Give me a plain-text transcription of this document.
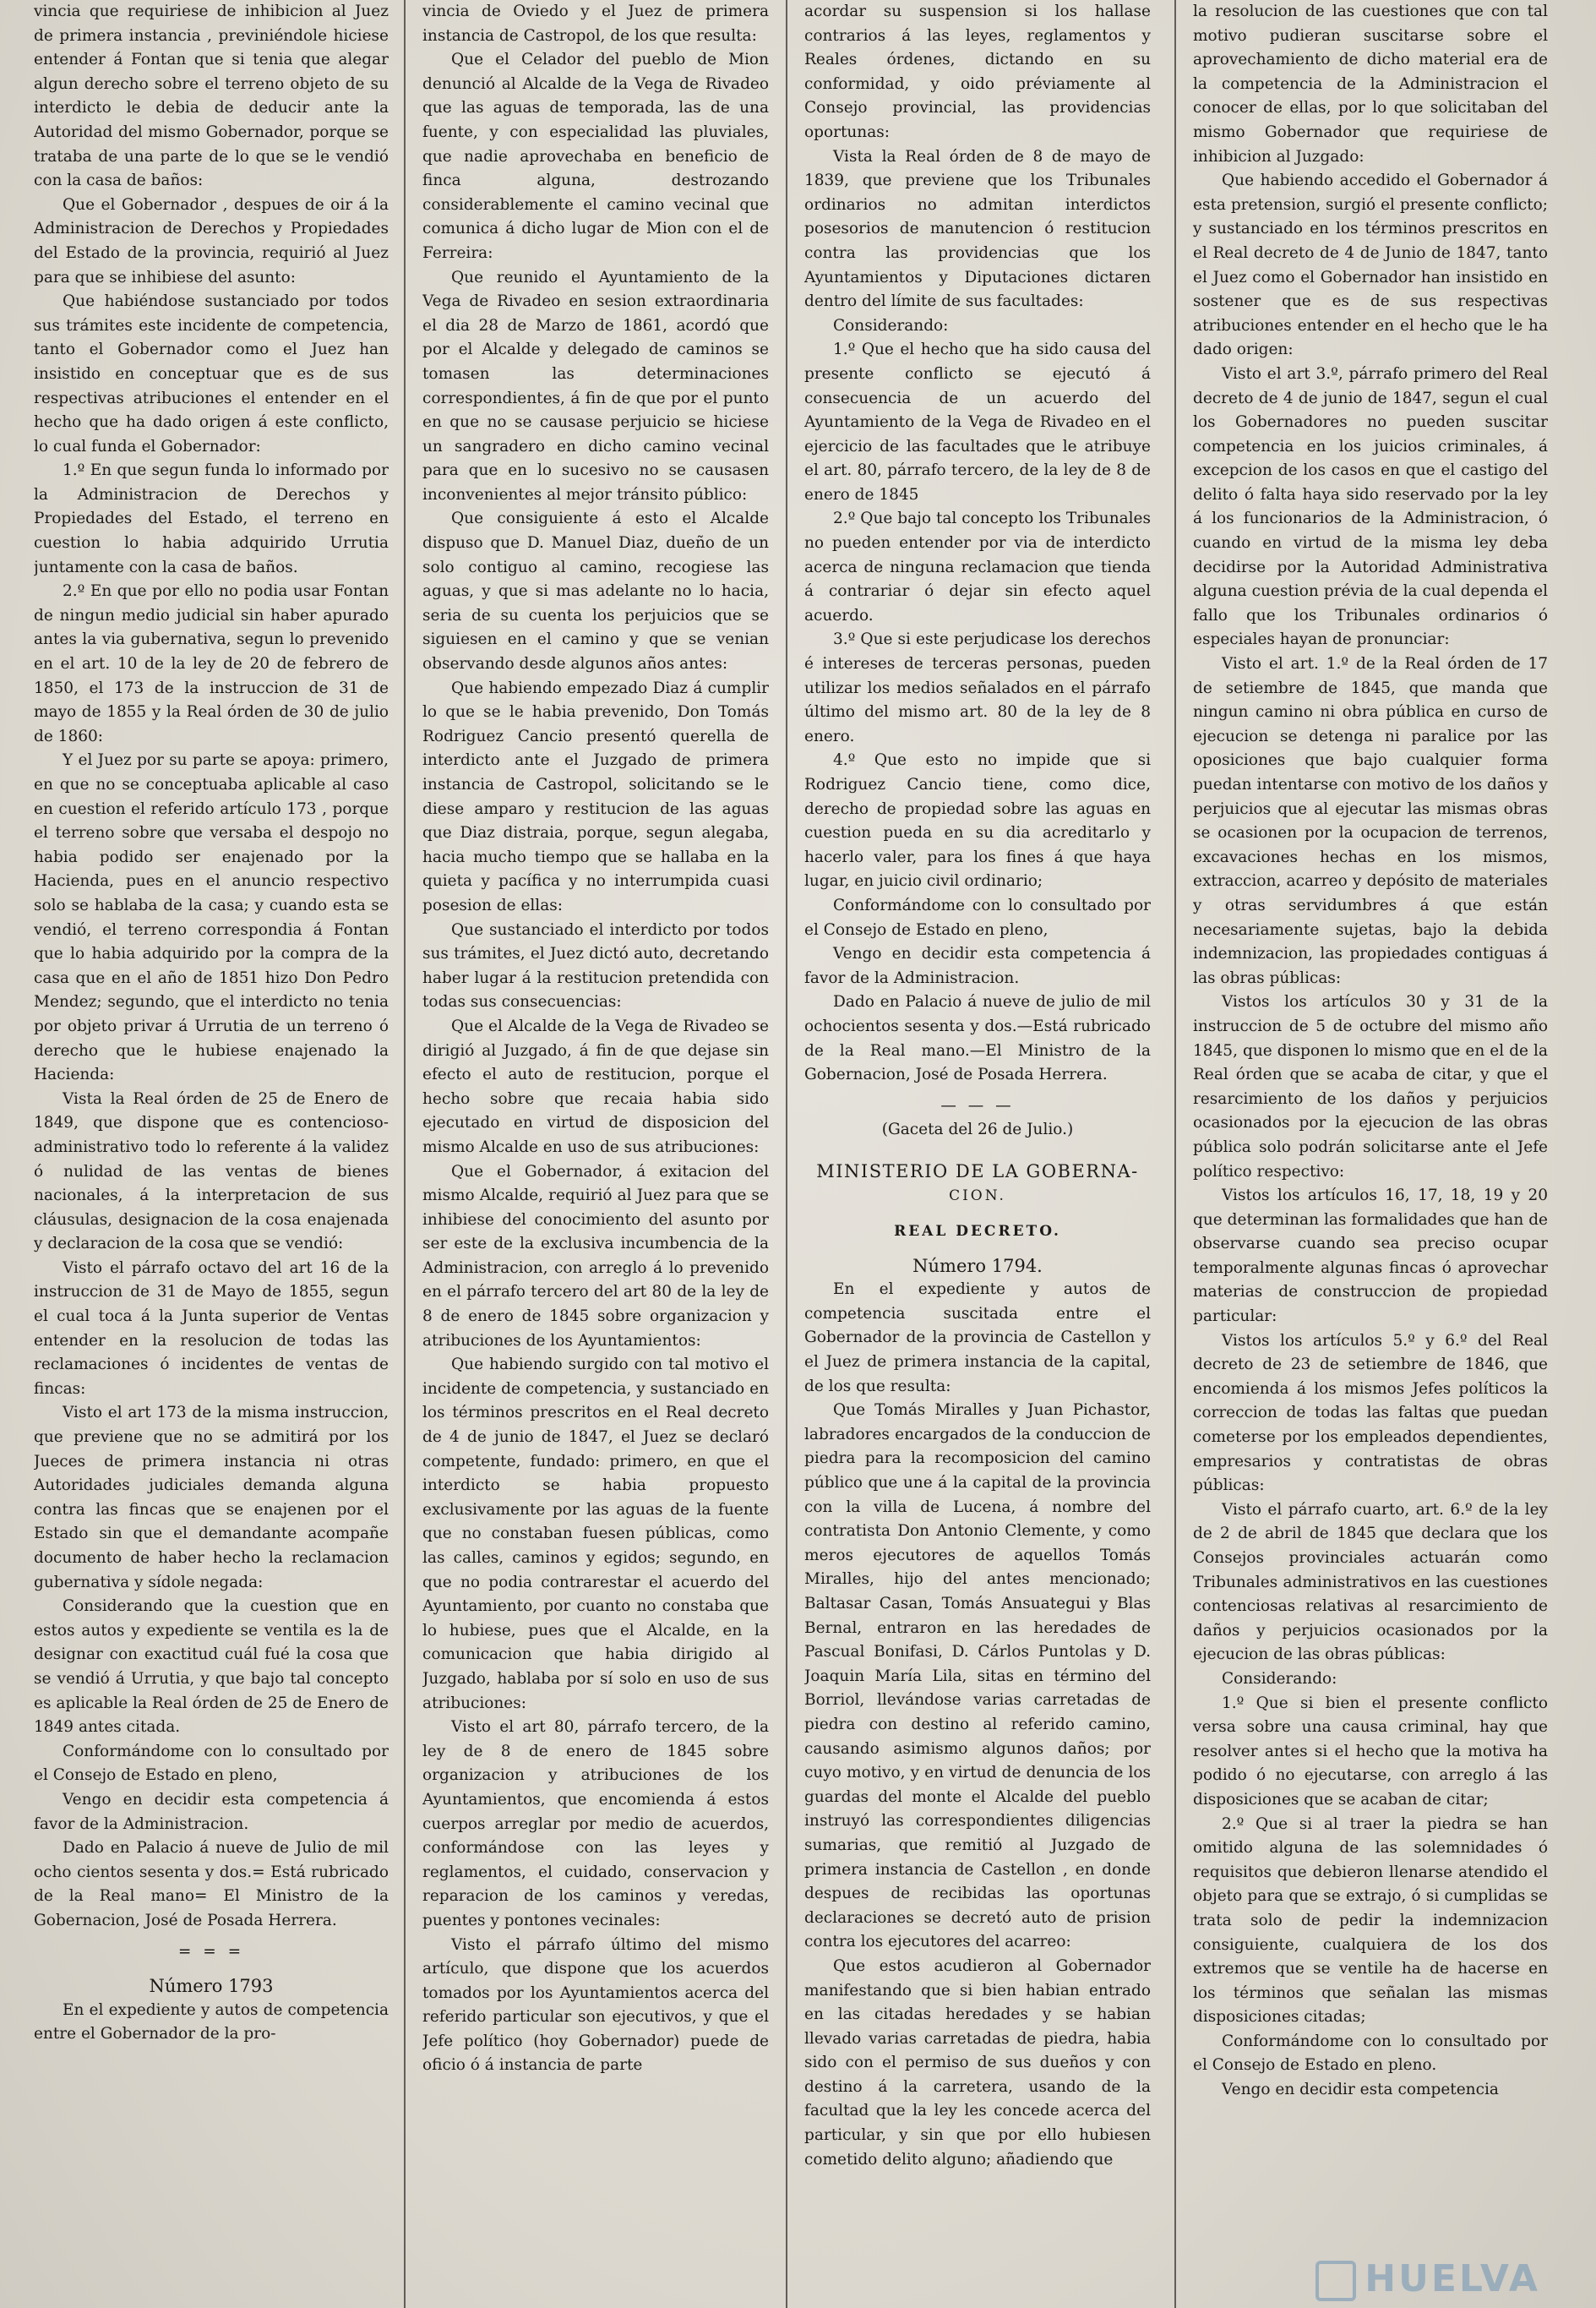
vincia que requiriese de inhibicion al Juez de primera instancia , previniéndole hiciese entender á Fontan que si tenia que alegar algun derecho sobre el terreno objeto de su interdicto le debia de deducir ante la Autoridad del mismo Gobernador, porque se trataba de una parte de lo que se le vendió con la casa de baños:

Que el Gobernador , despues de oir á la Administracion de Derechos y Propiedades del Estado de la provincia, requirió al Juez para que se inhibiese del asunto:

Que habiéndose sustanciado por todos sus trámites este incidente de competencia, tanto el Gobernador como el Juez han insistido en conceptuar que es de sus respectivas atribuciones el entender en el hecho que ha dado origen á este conflicto, lo cual funda el Gobernador:

1.º En que segun funda lo informado por la Administracion de Derechos y Propiedades del Estado, el terreno en cuestion lo habia adquirido Urrutia juntamente con la casa de baños.

2.º En que por ello no podia usar Fontan de ningun medio judicial sin haber apurado antes la via gubernativa, segun lo prevenido en el art. 10 de la ley de 20 de febrero de 1850, el 173 de la instruccion de 31 de mayo de 1855 y la Real órden de 30 de julio de 1860:

Y el Juez por su parte se apoya: primero, en que no se conceptuaba aplicable al caso en cuestion el referido artículo 173 , porque el terreno sobre que versaba el despojo no habia podido ser enajenado por la Hacienda, pues en el anuncio respectivo solo se hablaba de la casa; y cuando esta se vendió, el terreno correspondia á Fontan que lo habia adquirido por la compra de la casa que en el año de 1851 hizo Don Pedro Mendez; segundo, que el interdicto no tenia por objeto privar á Urrutia de un terreno ó derecho que le hubiese enajenado la Hacienda:

Vista la Real órden de 25 de Enero de 1849, que dispone que es contencioso-administrativo todo lo referente á la validez ó nulidad de las ventas de bienes nacionales, á la interpretacion de sus cláusulas, designacion de la cosa enajenada y declaracion de la cosa que se vendió:

Visto el párrafo octavo del art 16 de la instruccion de 31 de Mayo de 1855, segun el cual toca á la Junta superior de Ventas entender en la resolucion de todas las reclamaciones ó incidentes de ventas de fincas:

Visto el art 173 de la misma instruccion, que previene que no se admitirá por los Jueces de primera instancia ni otras Autoridades judiciales demanda alguna contra las fincas que se enajenen por el Estado sin que el demandante acompañe documento de haber hecho la reclamacion gubernativa y sídole negada:

Considerando que la cuestion que en estos autos y expediente se ventila es la de designar con exactitud cuál fué la cosa que se vendió á Urrutia, y que bajo tal concepto es aplicable la Real órden de 25 de Enero de 1849 antes citada.

Conformándome con lo consultado por el Consejo de Estado en pleno,

Vengo en decidir esta competencia á favor de la Administracion.

Dado en Palacio á nueve de Julio de mil ocho cientos sesenta y dos.= Está rubricado de la Real mano= El Ministro de la Gobernacion, José de Posada Herrera.

= = =

Número 1793

En el expediente y autos de competencia entre el Gobernador de la pro-

vincia de Oviedo y el Juez de primera instancia de Castropol, de los que resulta:

Que el Celador del pueblo de Mion denunció al Alcalde de la Vega de Rivadeo que las aguas de temporada, las de una fuente, y con especialidad las pluviales, que nadie aprovechaba en beneficio de finca alguna, destrozando considerablemente el camino vecinal que comunica á dicho lugar de Mion con el de Ferreira:

Que reunido el Ayuntamiento de la Vega de Rivadeo en sesion extraordinaria el dia 28 de Marzo de 1861, acordó que por el Alcalde y delegado de caminos se tomasen las determinaciones correspondientes, á fin de que por el punto en que no se causase perjuicio se hiciese un sangradero en dicho camino vecinal para que en lo sucesivo no se causasen inconvenientes al mejor tránsito público:

Que consiguiente á esto el Alcalde dispuso que D. Manuel Diaz, dueño de un solo contiguo al camino, recogiese las aguas, y que si mas adelante no lo hacia, seria de su cuenta los perjuicios que se siguiesen en el camino y que se venian observando desde algunos años antes:

Que habiendo empezado Diaz á cumplir lo que se le habia prevenido, Don Tomás Rodriguez Cancio presentó querella de interdicto ante el Juzgado de primera instancia de Castropol, solicitando se le diese amparo y restitucion de las aguas que Diaz distraia, porque, segun alegaba, hacia mucho tiempo que se hallaba en la quieta y pacífica y no interrumpida cuasi posesion de ellas:

Que sustanciado el interdicto por todos sus trámites, el Juez dictó auto, decretando haber lugar á la restitucion pretendida con todas sus consecuencias:

Que el Alcalde de la Vega de Rivadeo se dirigió al Juzgado, á fin de que dejase sin efecto el auto de restitucion, porque el hecho sobre que recaia habia sido ejecutado en virtud de disposicion del mismo Alcalde en uso de sus atribuciones:

Que el Gobernador, á exitacion del mismo Alcalde, requirió al Juez para que se inhibiese del conocimiento del asunto por ser este de la exclusiva incumbencia de la Administracion, con arreglo á lo prevenido en el párrafo tercero del art 80 de la ley de 8 de enero de 1845 sobre organizacion y atribuciones de los Ayuntamientos:

Que habiendo surgido con tal motivo el incidente de competencia, y sustanciado en los términos prescritos en el Real decreto de 4 de junio de 1847, el Juez se declaró competente, fundado: primero, en que el interdicto se habia propuesto exclusivamente por las aguas de la fuente que no constaban fuesen públicas, como las calles, caminos y egidos; segundo, en que no podia contrarestar el acuerdo del Ayuntamiento, por cuanto no constaba que lo hubiese, pues que el Alcalde, en la comunicacion que habia dirigido al Juzgado, hablaba por sí solo en uso de sus atribuciones:

Visto el art 80, párrafo tercero, de la ley de 8 de enero de 1845 sobre organizacion y atribuciones de los Ayuntamientos, que encomienda á estos cuerpos arreglar por medio de acuerdos, conformándose con las leyes y reglamentos, el cuidado, conservacion y reparacion de los caminos y veredas, puentes y pontones vecinales:

Visto el párrafo último del mismo artículo, que dispone que los acuerdos tomados por los Ayuntamientos acerca del referido particular son ejecutivos, y que el Jefe político (hoy Gobernador) puede de oficio ó á instancia de parte

acordar su suspension si los hallase contrarios á las leyes, reglamentos y Reales órdenes, dictando en su conformidad, y oido préviamente al Consejo provincial, las providencias oportunas:

Vista la Real órden de 8 de mayo de 1839, que previene que los Tribunales ordinarios no admitan interdictos posesorios de manutencion ó restitucion contra las providencias que los Ayuntamientos y Diputaciones dictaren dentro del límite de sus facultades:

Considerando:

1.º Que el hecho que ha sido causa del presente conflicto se ejecutó á consecuencia de un acuerdo del Ayuntamiento de la Vega de Rivadeo en el ejercicio de las facultades que le atribuye el art. 80, párrafo tercero, de la ley de 8 de enero de 1845

2.º Que bajo tal concepto los Tribunales no pueden entender por via de interdicto acerca de ninguna reclamacion que tienda á contrariar ó dejar sin efecto aquel acuerdo.

3.º Que si este perjudicase los derechos é intereses de terceras personas, pueden utilizar los medios señalados en el párrafo último del mismo art. 80 de la ley de 8 enero.

4.º Que esto no impide que si Rodriguez Cancio tiene, como dice, derecho de propiedad sobre las aguas en cuestion pueda en su dia acreditarlo y hacerlo valer, para los fines á que haya lugar, en juicio civil ordinario;

Conformándome con lo consultado por el Consejo de Estado en pleno,

Vengo en decidir esta competencia á favor de la Administracion.

Dado en Palacio á nueve de julio de mil ochocientos sesenta y dos.—Está rubricado de la Real mano.—El Ministro de la Gobernacion, José de Posada Herrera.

— — —

(Gaceta del 26 de Julio.)

MINISTERIO DE LA GOBERNA-

CION.

REAL DECRETO.

Número 1794.

En el expediente y autos de competencia suscitada entre el Gobernador de la provincia de Castellon y el Juez de primera instancia de la capital, de los que resulta:

Que Tomás Miralles y Juan Pichastor, labradores encargados de la conduccion de piedra para la recomposicion del camino público que une á la capital de la provincia con la villa de Lucena, á nombre del contratista Don Antonio Clemente, y como meros ejecutores de aquellos Tomás Miralles, hijo del antes mencionado; Baltasar Casan, Tomás Ansuategui y Blas Bernal, entraron en las heredades de Pascual Bonifasi, D. Cárlos Puntolas y D. Joaquin María Lila, sitas en término del Borriol, llevándose varias carretadas de piedra con destino al referido camino, causando asimismo algunos daños; por cuyo motivo, y en virtud de denuncia de los guardas del monte el Alcalde del pueblo instruyó las correspondientes diligencias sumarias, que remitió al Juzgado de primera instancia de Castellon , en donde despues de recibidas las oportunas declaraciones se decretó auto de prision contra los ejecutores del acarreo:

Que estos acudieron al Gobernador manifestando que si bien habian entrado en las citadas heredades y se habian llevado varias carretadas de piedra, habia sido con el permiso de sus dueños y con destino á la carretera, usando de la facultad que la ley les concede acerca del particular, y sin que por ello hubiesen cometido delito alguno; añadiendo que

la resolucion de las cuestiones que con tal motivo pudieran suscitarse sobre el aprovechamiento de dicho material era de la competencia de la Administracion el conocer de ellas, por lo que solicitaban del mismo Gobernador que requiriese de inhibicion al Juzgado:

Que habiendo accedido el Gobernador á esta pretension, surgió el presente conflicto; y sustanciado en los términos prescritos en el Real decreto de 4 de Junio de 1847, tanto el Juez como el Gobernador han insistido en sostener que es de sus respectivas atribuciones entender en el hecho que le ha dado origen:

Visto el art 3.º, párrafo primero del Real decreto de 4 de junio de 1847, segun el cual los Gobernadores no pueden suscitar competencia en los juicios criminales, á excepcion de los casos en que el castigo del delito ó falta haya sido reservado por la ley á los funcionarios de la Administracion, ó cuando en virtud de la misma ley deba decidirse por la Autoridad Administrativa alguna cuestion prévia de la cual dependa el fallo que los Tribunales ordinarios ó especiales hayan de pronunciar:

Visto el art. 1.º de la Real órden de 17 de setiembre de 1845, que manda que ningun camino ni obra pública en curso de ejecucion se detenga ni paralice por las oposiciones que bajo cualquier forma puedan intentarse con motivo de los daños y perjuicios que al ejecutar las mismas obras se ocasionen por la ocupacion de terrenos, excavaciones hechas en los mismos, extraccion, acarreo y depósito de materiales y otras servidumbres á que están necesariamente sujetas, bajo la debida indemnizacion, las propiedades contiguas á las obras públicas:

Vistos los artículos 30 y 31 de la instruccion de 5 de octubre del mismo año 1845, que disponen lo mismo que en el de la Real órden que se acaba de citar, y que el resarcimiento de los daños y perjuicios ocasionados por la ejecucion de las obras pública solo podrán solicitarse ante el Jefe político respectivo:

Vistos los artículos 16, 17, 18, 19 y 20 que determinan las formalidades que han de observarse cuando sea preciso ocupar temporalmente algunas fincas ó aprovechar materias de construccion de propiedad particular:

Vistos los artículos 5.º y 6.º del Real decreto de 23 de setiembre de 1846, que encomienda á los mismos Jefes políticos la correccion de todas las faltas que puedan cometerse por los empleados dependientes, empresarios y contratistas de obras públicas:

Visto el párrafo cuarto, art. 6.º de la ley de 2 de abril de 1845 que declara que los Consejos provinciales actuarán como Tribunales administrativos en las cuestiones contenciosas relativas al resarcimiento de daños y perjuicios ocasionados por la ejecucion de las obras públicas:

Considerando:

1.º Que si bien el presente conflicto versa sobre una causa criminal, hay que resolver antes si el hecho que la motiva ha podido ó no ejecutarse, con arreglo á las disposiciones que se acaban de citar;

2.º Que si al traer la piedra se han omitido alguna de las solemnidades ó requisitos que debieron llenarse atendido el objeto para que se extrajo, ó si cumplidas se trata solo de pedir la indemnizacion consiguiente, cualquiera de los dos extremos que se ventile ha de hacerse en los términos que señalan las mismas disposiciones citadas;

Conformándome con lo consultado por el Consejo de Estado en pleno.

Vengo en decidir esta competencia

HUELVA
